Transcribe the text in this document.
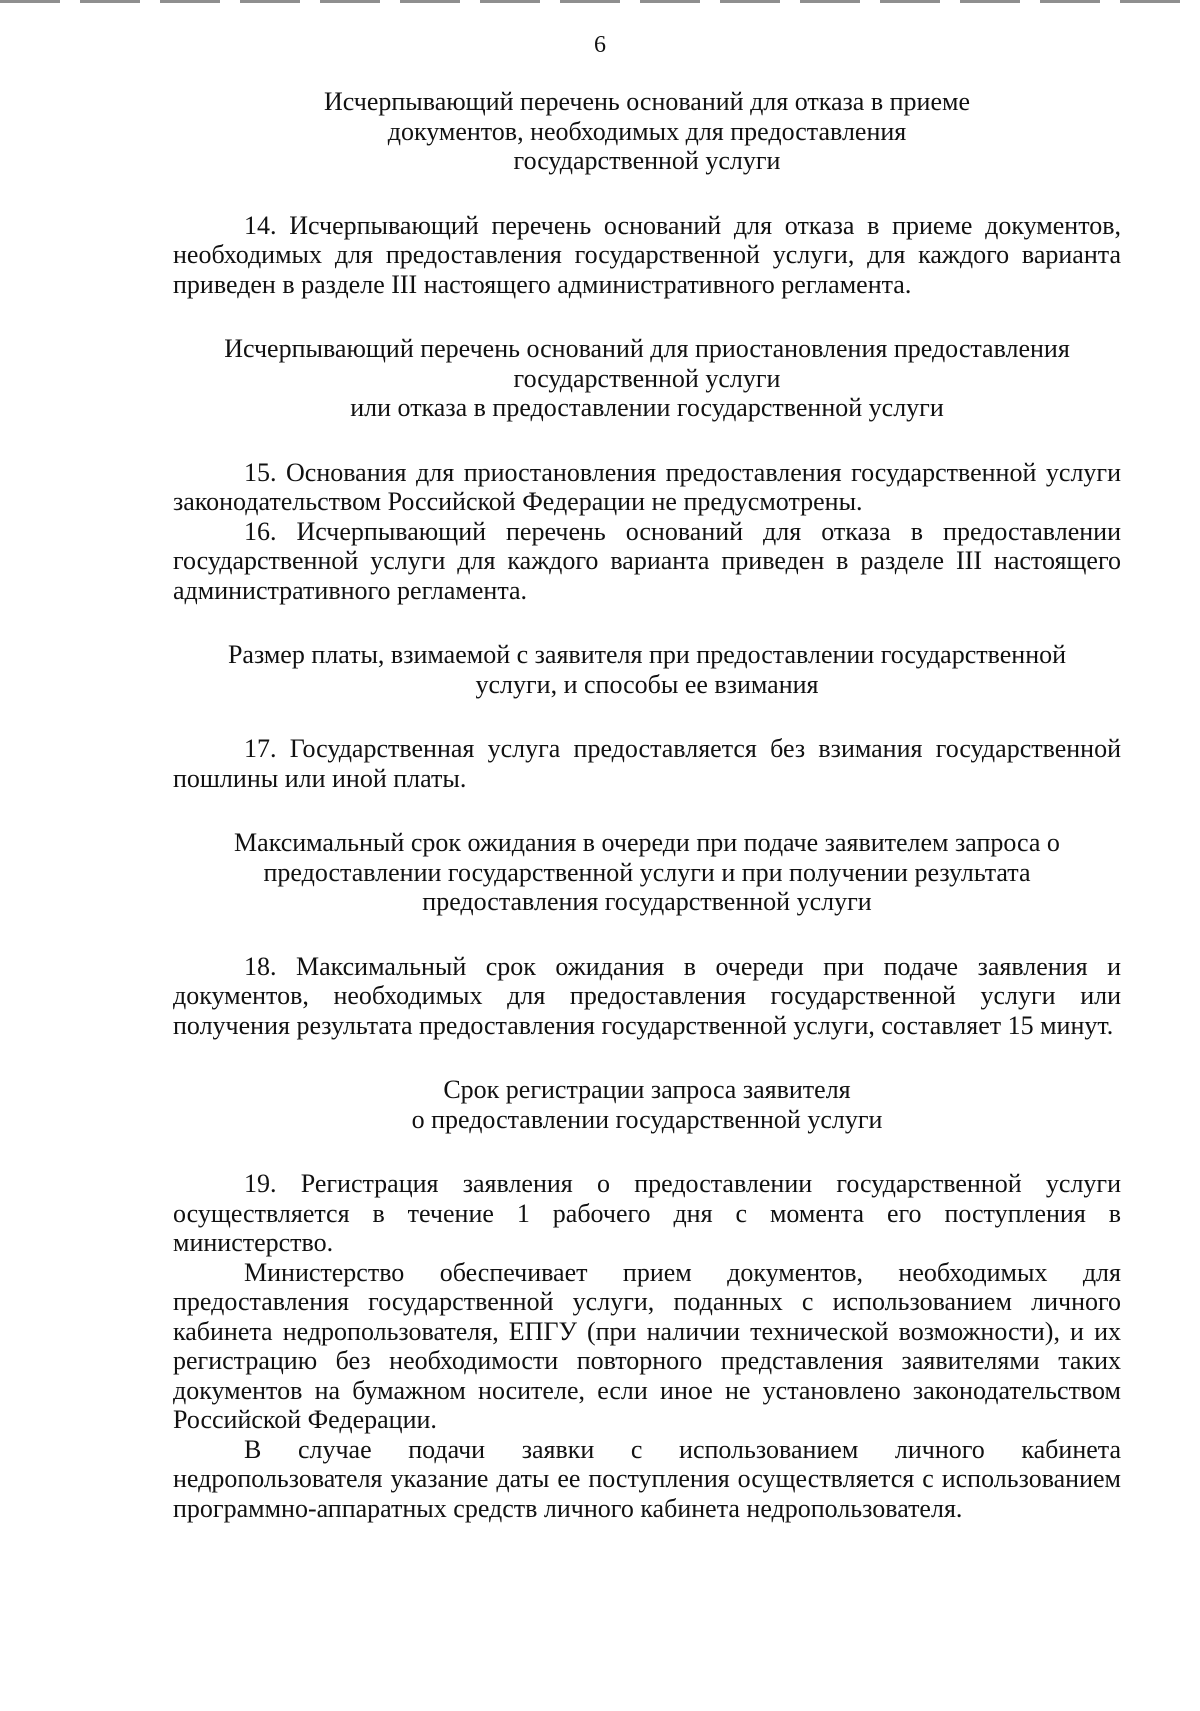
6
Исчерпывающий перечень оснований для отказа в приеме
документов, необходимых для предоставления
государственной услуги

14. Исчерпывающий перечень оснований для отказа в приеме документов, необходимых для предоставления государственной услуги, для каждого варианта приведен в разделе III настоящего административного регламента.

Исчерпывающий перечень оснований для приостановления предоставления
государственной услуги
или отказа в предоставлении государственной услуги

15. Основания для приостановления предоставления государственной услуги законодательством Российской Федерации не предусмотрены.

16. Исчерпывающий перечень оснований для отказа в предоставлении государственной услуги для каждого варианта приведен в разделе III настоящего административного регламента.

Размер платы, взимаемой с заявителя при предоставлении государственной
услуги, и способы ее взимания

17. Государственная услуга предоставляется без взимания государственной пошлины или иной платы.

Максимальный срок ожидания в очереди при подаче заявителем запроса о
предоставлении государственной услуги и при получении результата
предоставления государственной услуги

18. Максимальный срок ожидания в очереди при подаче заявления и документов, необходимых для предоставления государственной услуги или получения результата предоставления государственной услуги, составляет 15 минут.

Срок регистрации запроса заявителя
о предоставлении государственной услуги

19. Регистрация заявления о предоставлении государственной услуги осуществляется в течение 1 рабочего дня с момента его поступления в министерство.

Министерство обеспечивает прием документов, необходимых для предоставления государственной услуги, поданных с использованием личного кабинета недропользователя, ЕПГУ (при наличии технической возможности), и их регистрацию без необходимости повторного представления заявителями таких документов на бумажном носителе, если иное не установлено законодательством Российской Федерации.

В случае подачи заявки с использованием личного кабинета недропользователя указание даты ее поступления осуществляется с использованием программно-аппаратных средств личного кабинета недропользователя.
